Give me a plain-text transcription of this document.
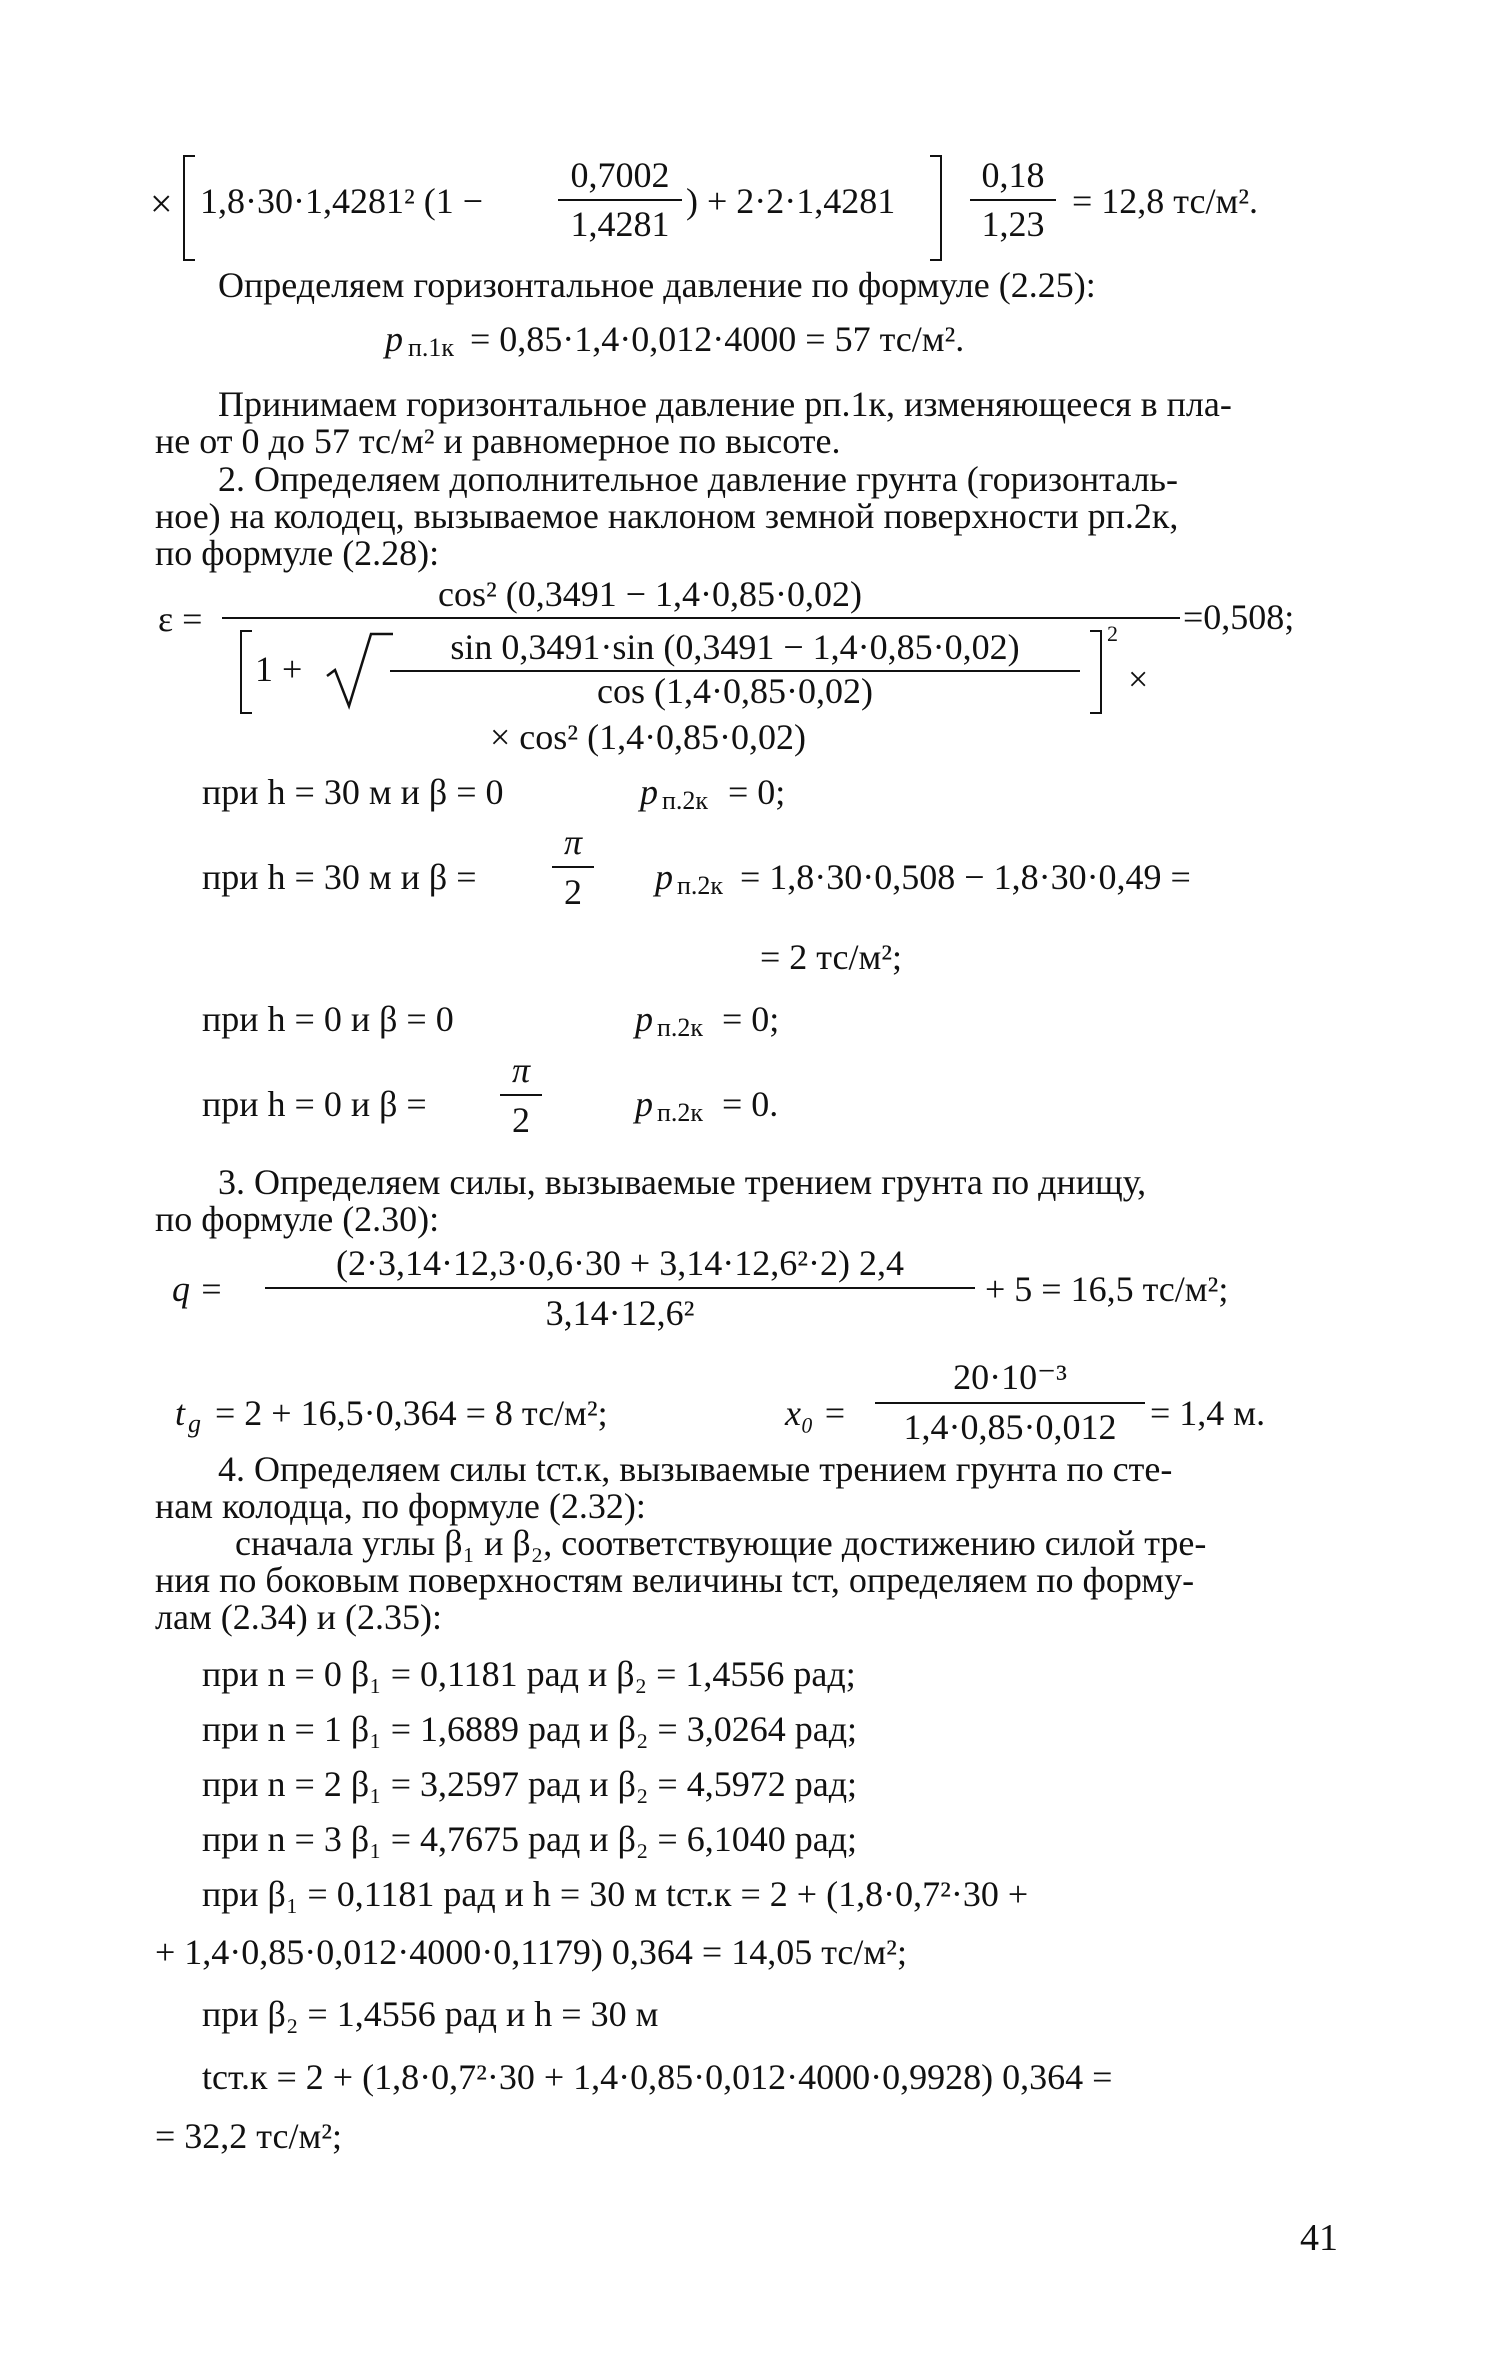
× 1,8·30·1,4281² (1 −
0,7002
1,4281
) + 2·2·1,4281
0,18
1,23
= 12,8 тс/м².
Определяем горизонтальное давление по формуле (2.25):
p п.1к = 0,85·1,4·0,012·4000 = 57 тс/м².
Принимаем горизонтальное давление pп.1к, изменяющееся в пла-
не от 0 до 57 тс/м² и равномерное по высоте.
2. Определяем дополнительное давление грунта (горизонталь-
ное) на колодец, вызываемое наклоном земной поверхности pп.2к,
по формуле (2.28):
ε =
cos² (0,3491 − 1,4·0,85·0,02)
1 +
sin 0,3491·sin (0,3491 − 1,4·0,85·0,02)
cos (1,4·0,85·0,02)
2
×
=0,508;
× cos² (1,4·0,85·0,02)
при h = 30 м и β = 0	p п.2к = 0;
при h = 30 м и β =
π
2 p п.2к = 1,8·30·0,508 − 1,8·30·0,49 =
= 2 тс/м²;
при h = 0 и β = 0	p п.2к = 0;
при h = 0 и β =
π
2	p п.2к = 0.
3. Определяем силы, вызываемые трением грунта по днищу,
по формуле (2.30):
q =
(2·3,14·12,3·0,6·30 + 3,14·12,6²·2) 2,4
3,14·12,6²
+ 5 = 16,5 тс/м²;
t g = 2 + 16,5·0,364 = 8 тс/м²;	x₀ =
20·10⁻³
1,4·0,85·0,012 = 1,4 м.
4. Определяем силы tст.к, вызываемые трением грунта по сте-
нам колодца, по формуле (2.32):
сначала углы β₁ и β₂, соответствующие достижению силой тре-
ния по боковым поверхностям величины tст, определяем по форму-
лам (2.34) и (2.35):
при n = 0 β₁ = 0,1181 рад и β₂ = 1,4556 рад;
при n = 1 β₁ = 1,6889 рад и β₂ = 3,0264 рад;
при n = 2 β₁ = 3,2597 рад и β₂ = 4,5972 рад;
при n = 3 β₁ = 4,7675 рад и β₂ = 6,1040 рад;
при β₁ = 0,1181 рад и h = 30 м tст.к = 2 + (1,8·0,7²·30 +
+ 1,4·0,85·0,012·4000·0,1179) 0,364 = 14,05 тс/м²;
при β₂ = 1,4556 рад и h = 30 м
tст.к = 2 + (1,8·0,7²·30 + 1,4·0,85·0,012·4000·0,9928) 0,364 =
= 32,2 тс/м²;
41
